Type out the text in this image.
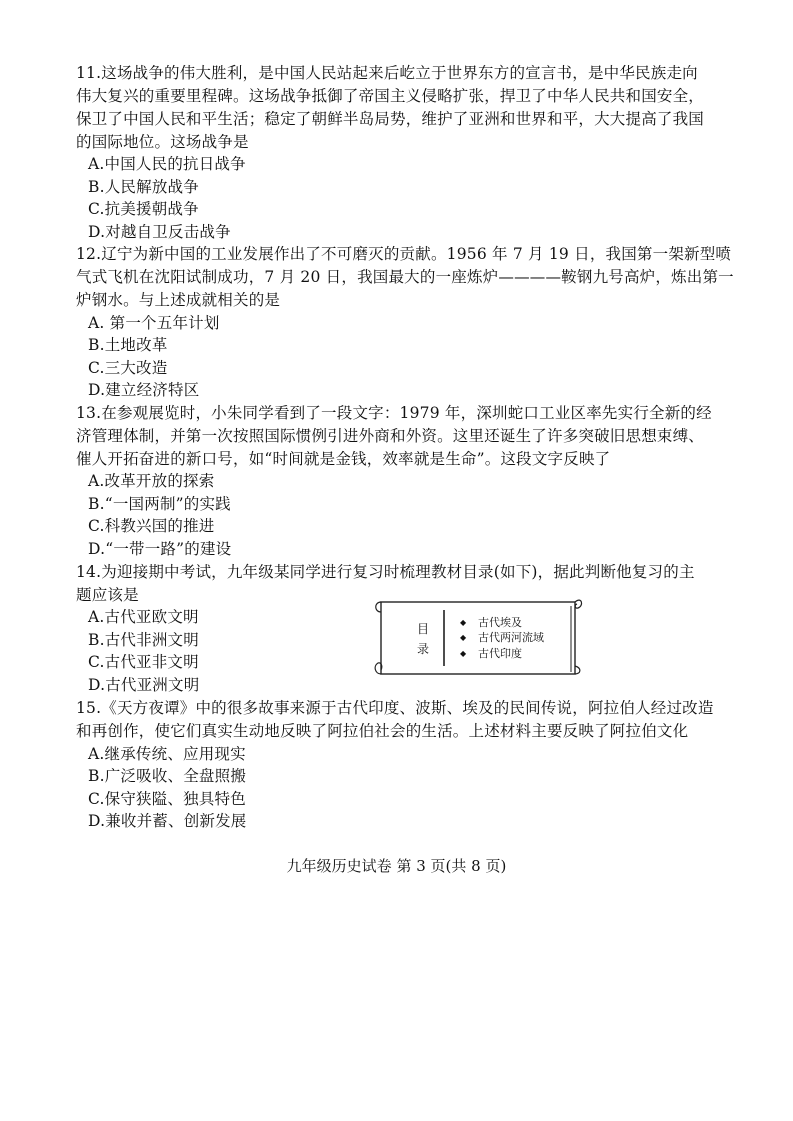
11.这场战争的伟大胜利，是中国人民站起来后屹立于世界东方的宣言书，是中华民族走向
伟大复兴的重要里程碑。这场战争抵御了帝国主义侵略扩张，捍卫了中华人民共和国安全，
保卫了中国人民和平生活；稳定了朝鲜半岛局势，维护了亚洲和世界和平，大大提高了我国
的国际地位。这场战争是
A.中国人民的抗日战争
B.人民解放战争
C.抗美援朝战争
D.对越自卫反击战争
12.辽宁为新中国的工业发展作出了不可磨灭的贡献。1956 年 7 月 19 日，我国第一架新型喷
气式飞机在沈阳试制成功，7 月 20 日，我国最大的一座炼炉————鞍钢九号高炉，炼出第一
炉钢水。与上述成就相关的是
A. 第一个五年计划
B.土地改革
C.三大改造
D.建立经济特区
13.在参观展览时，小朱同学看到了一段文字：1979 年，深圳蛇口工业区率先实行全新的经
济管理体制，并第一次按照国际惯例引进外商和外资。这里还诞生了许多突破旧思想束缚、
催人开拓奋进的新口号，如“时间就是金钱，效率就是生命”。这段文字反映了
A.改革开放的探索
B.“一国两制”的实践
C.科教兴国的推进
D.“一带一路”的建设
14.为迎接期中考试，九年级某同学进行复习时梳理教材目录(如下)，据此判断他复习的主
题应该是
A.古代亚欧文明
B.古代非洲文明
C.古代亚非文明
D.古代亚洲文明
目
录
◆ 古代埃及
◆ 古代两河流域
◆ 古代印度
15.《天方夜谭》中的很多故事来源于古代印度、波斯、埃及的民间传说，阿拉伯人经过改造
和再创作，使它们真实生动地反映了阿拉伯社会的生活。上述材料主要反映了阿拉伯文化
A.继承传统、应用现实
B.广泛吸收、全盘照搬
C.保守狭隘、独具特色
D.兼收并蓄、创新发展
九年级历史试卷 第 3 页(共 8 页)
